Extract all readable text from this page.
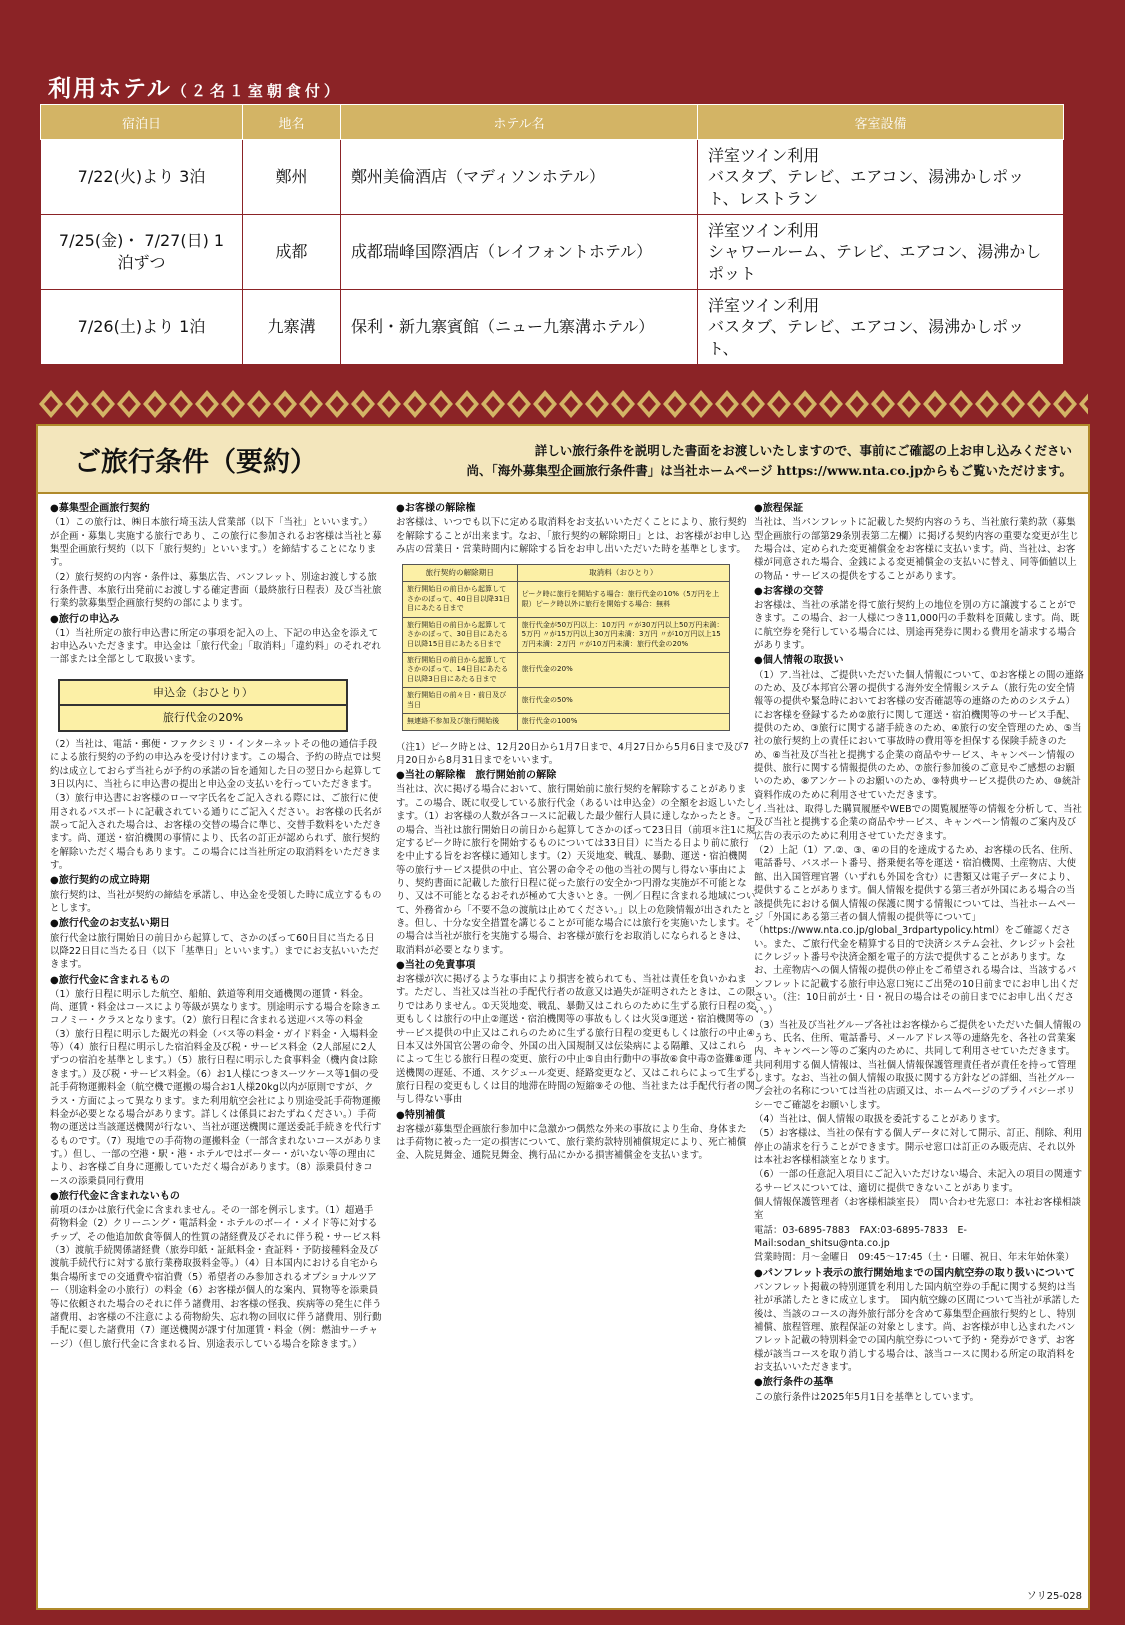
利用ホテル（２名１室朝食付）
宿泊日	地名	ホテル名	客室設備
7/22(火)より 3泊	鄭州	鄭州美倫酒店（マディソンホテル）	洋室ツイン利用
バスタブ、テレビ、エアコン、湯沸かしポット、レストラン

7/25(金)・ 7/27(日) 1泊ずつ	成都	成都瑞峰国際酒店（レイフォントホテル）	洋室ツイン利用
シャワールーム、テレビ、エアコン、湯沸かしポット

7/26(土)より 1泊	九寨溝	保利・新九寨賓館（ニュー九寨溝ホテル）	洋室ツイン利用
バスタブ、テレビ、エアコン、湯沸かしポット、
ご旅行条件（要約）	詳しい旅行条件を説明した書面をお渡しいたしますので、事前にご確認の上お申し込みください
尚、「海外募集型企画旅行条件書」は当社ホームページ https://www.nta.co.jpからもご覧いただけます。
●募集型企画旅行契約
（1）この旅行は、㈱日本旅行埼玉法人営業部（以下「当社」といいます。）が企画・募集し実施する旅行であり、この旅行に参加されるお客様は当社と募集型企画旅行契約（以下「旅行契約」といいます。）を締結することになります。
（2）旅行契約の内容・条件は、募集広告、パンフレット、別途お渡しする旅行条件書、本旅行出発前にお渡しする確定書面（最終旅行日程表）及び当社旅行業約款募集型企画旅行契約の部によります。
●旅行の申込み
（1）当社所定の旅行申込書に所定の事項を記入の上、下記の申込金を添えてお申込みいただきます。申込金は「旅行代金」「取消料」「違約料」のそれぞれ一部または全部として取扱います。
申込金（おひとり）
旅行代金の20%
（2）当社は、電話・郵便・ファクシミリ・インターネットその他の通信手段による旅行契約の予約の申込みを受け付けます。この場合、予約の時点では契約は成立しておらず当社らが予約の承諾の旨を通知した日の翌日から起算して3日以内に、当社らに申込書の提出と申込金の支払いを行っていただきます。
（3）旅行申込書にお客様のローマ字氏名をご記入される際には、ご旅行に使用されるパスポートに記載されている通りにご記入ください。お客様の氏名が誤って記入された場合は、お客様の交替の場合に準じ、交替手数料をいただきます。尚、運送・宿泊機関の事情により、氏名の訂正が認められず、旅行契約を解除いただく場合もあります。この場合には当社所定の取消料をいただきます。
●旅行契約の成立時期
旅行契約は、当社が契約の締結を承諾し、申込金を受領した時に成立するものとします。
●旅行代金のお支払い期日
旅行代金は旅行開始日の前日から起算して、さかのぼって60日目に当たる日以降22日目に当たる日（以下「基準日」といいます。）までにお支払いいただきます。
●旅行代金に含まれるもの
（1）旅行日程に明示した航空、船舶、鉄道等利用交通機関の運賃・料金。　尚、運賃・料金はコースにより等級が異なります。別途明示する場合を除きエコノミー・クラスとなります。（2）旅行日程に含まれる送迎バス等の料金（3）旅行日程に明示した観光の料金（バス等の料金・ガイド料金・入場料金等）（4）旅行日程に明示した宿泊料金及び税・サービス料金（2人部屋に2人ずつの宿泊を基準とします。）（5）旅行日程に明示した食事料金（機内食は除きます。）及び税・サービス料金。（6）お1人様につきスーツケース等1個の受託手荷物運搬料金（航空機で運搬の場合お1人様20kg以内が原則ですが、クラス・方面によって異なります。また利用航空会社により別途受託手荷物運搬料金が必要となる場合があります。詳しくは係員におたずねください。）手荷物の運送は当該運送機関が行ない、当社が運送機関に運送委託手続きを代行するものです。（7）現地での手荷物の運搬料金（一部含まれないコースがあります。）但し、一部の空港・駅・港・ホテルではポーター・がいない等の理由により、お客様ご自身に運搬していただく場合があります。（8）添乗員付きコースの添乗員同行費用
●旅行代金に含まれないもの
前項のほかは旅行代金に含まれません。その一部を例示します。（1）超過手荷物料金（2）クリーニング・電話料金・ホテルのボーイ・メイド等に対するチップ、その他追加飲食等個人的性質の諸経費及びそれに伴う税・サービス料（3）渡航手続関係諸経費（旅券印紙・証紙料金・査証料・予防接種料金及び渡航手続代行に対する旅行業務取扱料金等。）（4）日本国内における自宅から集合場所までの交通費や宿泊費（5）希望者のみ参加されるオプショナルツアー（別途料金の小旅行）の料金（6）お客様が個人的な案内、買物等を添乗員等に依頼された場合のそれに伴う諸費用、お客様の怪我、疾病等の発生に伴う諸費用、お客様の不注意による荷物紛失、忘れ物の回収に伴う諸費用、別行動手配に要した諸費用（7）運送機関が課す付加運賃・料金（例：燃油サーチャージ）（但し旅行代金に含まれる旨、別途表示している場合を除きます。）
●お客様の解除権
お客様は、いつでも以下に定める取消料をお支払いいただくことにより、旅行契約を解除することが出来ます。なお、「旅行契約の解除期日」とは、お客様がお申し込み店の営業日・営業時間内に解除する旨をお申し出いただいた時を基準とします。
旅行契約の解除期日	取消料（おひとり）
旅行開始日の前日から起算してさかのぼって、40日目以降31日目にあたる日まで	ピーク時に旅行を開始する場合：旅行代金の10%（5万円を上限）ピーク時以外に旅行を開始する場合：無料
旅行開始日の前日から起算してさかのぼって、30日目にあたる日以降15日目にあたる日まで	旅行代金が50万円以上：10万円 〃が30万円以上50万円未満：5万円 〃が15万円以上30万円未満：3万円 〃が10万円以上15万円未満：2万円 〃が10万円未満：旅行代金の20%
旅行開始日の前日から起算してさかのぼって、14日目にあたる日以降3日目にあたる日まで	旅行代金の20%
旅行開始日の前々日・前日及び当日	旅行代金の50%
無連絡不参加及び旅行開始後	旅行代金の100%
（注1）ピーク時とは、12月20日から1月7日まで、4月27日から5月6日まで及び7月20日から8月31日までをいいます。
●当社の解除権　旅行開始前の解除
当社は、次に掲げる場合において、旅行開始前に旅行契約を解除することがあります。この場合、既に収受している旅行代金（あるいは申込金）の全額をお返しいたします。（1）お客様の人数が各コースに記載した最少催行人員に達しなかったとき。この場合、当社は旅行開始日の前日から起算してさかのぼって23日目（前項＊注1に規定するピーク時に旅行を開始するものについては33日目）に当たる日より前に旅行を中止する旨をお客様に通知します。（2）天災地変、戦乱、暴動、運送・宿泊機関等の旅行サービス提供の中止、官公署の命令その他の当社の関与し得ない事由により、契約書面に記載した旅行日程に従った旅行の安全かつ円滑な実施が不可能となり、又は不可能となるおそれが極めて大きいとき。一例／日程に含まれる地域について、外務省から「不要不急の渡航は止めてください。」以上の危険情報が出されたとき。但し、十分な安全措置を講じることが可能な場合には旅行を実施いたします。その場合は当社が旅行を実施する場合、お客様が旅行をお取消しになられるときは、取消料が必要となります。
●当社の免責事項
お客様が次に掲げるような事由により損害を被られても、当社は責任を負いかねます。ただし、当社又は当社の手配代行者の故意又は過失が証明されたときは、この限りではありません。①天災地変、戦乱、暴動又はこれらのために生ずる旅行日程の変更もしくは旅行の中止②運送・宿泊機関等の事故もしくは火災③運送・宿泊機関等のサービス提供の中止又はこれらのために生ずる旅行日程の変更もしくは旅行の中止④日本又は外国官公署の命令、外国の出入国規制又は伝染病による隔離、又はこれらによって生じる旅行日程の変更、旅行の中止⑤自由行動中の事故⑥食中毒⑦盗難⑧運送機関の遅延、不通、スケジュール変更、経路変更など、又はこれらによって生ずる旅行日程の変更もしくは目的地滞在時間の短縮⑨その他、当社または手配代行者の関与し得ない事由
●特別補償
お客様が募集型企画旅行参加中に急激かつ偶然な外来の事故により生命、身体または手荷物に被った一定の損害について、旅行業約款特別補償規定により、死亡補償金、入院見舞金、通院見舞金、携行品にかかる損害補償金を支払います。
●旅程保証
当社は、当パンフレットに記載した契約内容のうち、当社旅行業約款（募集型企画旅行の部第29条別表第二左欄）に掲げる契約内容の重要な変更が生じた場合は、定められた変更補償金をお客様に支払います。尚、当社は、お客様が同意された場合、金銭による変更補償金の支払いに替え、同等価値以上の物品・サービスの提供をすることがあります。
●お客様の交替
お客様は、当社の承諾を得て旅行契約上の地位を別の方に譲渡することができます。この場合、お一人様につき11,000円の手数料を頂戴します。尚、既に航空券を発行している場合には、別途再発券に関わる費用を請求する場合があります。
●個人情報の取扱い
（1）ア.当社は、ご提供いただいた個人情報について、①お客様との間の連絡のため、及び本邦官公署の提供する海外安全情報システム（旅行先の安全情報等の提供や緊急時においてお客様の安否確認等の連絡のためのシステム）にお客様を登録するため②旅行に関して運送・宿泊機関等のサービス手配、提供のため、③旅行に関する諸手続きのため、④旅行の安全管理のため、⑤当社の旅行契約上の責任において事故時の費用等を担保する保険手続きのため、⑥当社及び当社と提携する企業の商品やサービス、キャンペーン情報の提供、旅行に関する情報提供のため、⑦旅行参加後のご意見やご感想のお願いのため、⑧アンケートのお願いのため、⑨特典サービス提供のため、⑩統計資料作成のために利用させていただきます。
イ.当社は、取得した購買履歴やWEBでの閲覧履歴等の情報を分析して、当社及び当社と提携する企業の商品やサービス、キャンペーン情報のご案内及び広告の表示のために利用させていただきます。
（2）上記（1）ア.②、③、④の目的を達成するため、お客様の氏名、住所、電話番号、パスポート番号、搭乗便名等を運送・宿泊機関、土産物店、大使館、出入国管理官署（いずれも外国を含む）に書類又は電子データにより、提供することがあります。個人情報を提供する第三者が外国にある場合の当該提供先における個人情報の保護に関する情報については、当社ホームページ「外国にある第三者の個人情報の提供等について」（https://www.nta.co.jp/global_3rdpartypolicy.html）をご確認ください。また、ご旅行代金を精算する目的で決済システム会社、クレジット会社にクレジット番号や決済金額を電子的方法で提供することがあります。なお、土産物店への個人情報の提供の停止をご希望される場合は、当該するパンフレットに記載する旅行申込窓口宛にご出発の10日前までにお申し出ください。（注：10日前が土・日・祝日の場合はその前日までにお申し出ください。）
（3）当社及び当社グループ各社はお客様からご提供をいただいた個人情報のうち、氏名、住所、電話番号、メールアドレス等の連絡先を、各社の営業案内、キャンペーン等のご案内のために、共同して利用させていただきます。　共同利用する個人情報は、当社個人情報保護管理責任者が責任を持って管理します。なお、当社の個人情報の取扱に関する方針などの詳細、当社グループ会社の名称については当社の店頭又は、ホームページのプライバシーポリシーでご確認をお願いします。
（4）当社は、個人情報の取扱を委託することがあります。
（5）お客様は、当社の保有する個人データに対して開示、訂正、削除、利用停止の請求を行うことができます。開示せ窓口は訂正のみ販売店、それ以外は本社お客様相談室となります。
（6）一部の任意記入項目にご記入いただけない場合、未記入の項目の関連するサービスについては、適切に提供できないことがあります。
個人情報保護管理者（お客様相談室長）　問い合わせ先窓口：本社お客様相談室
電話：03-6895-7883　FAX:03-6895-7833　E-Mail:sodan_shitsu@nta.co.jp
営業時間：月～金曜日　09:45～17:45（土・日曜、祝日、年末年始休業）
●パンフレット表示の旅行開始地までの国内航空券の取り扱いについて
パンフレット掲載の特別運賃を利用した国内航空券の手配に関する契約は当社が承諾したときに成立します。　国内航空線の区間について当社が承諾した後は、当該のコースの海外旅行部分を含めて募集型企画旅行契約とし、特別補償、旅程管理、旅程保証の対象とします。尚、お客様が申し込まれたパンフレット記載の特別料金での国内航空券について予約・発券ができず、お客様が該当コースを取り消しする場合は、該当コースに関わる所定の取消料をお支払いいただきます。
●旅行条件の基準
この旅行条件は2025年5月1日を基準としています。
ソリ25-028
